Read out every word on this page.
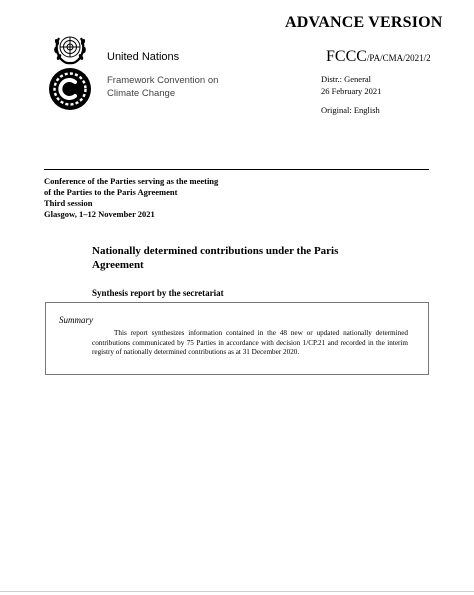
ADVANCE VERSION
United Nations	FCCC/PA/CMA/2021/2
Framework Convention on
Climate Change
Distr.: General
26 February 2021
Original: English
Conference of the Parties serving as the meeting
of the Parties to the Paris Agreement
Third session
Glasgow, 1–12 November 2021
Nationally determined contributions under the Paris Agreement
Synthesis report by the secretariat
Summary
This report synthesizes information contained in the 48 new or updated nationally determined contributions communicated by 75 Parties in accordance with decision 1/CP.21 and recorded in the interim registry of nationally determined contributions as at 31 December 2020.
